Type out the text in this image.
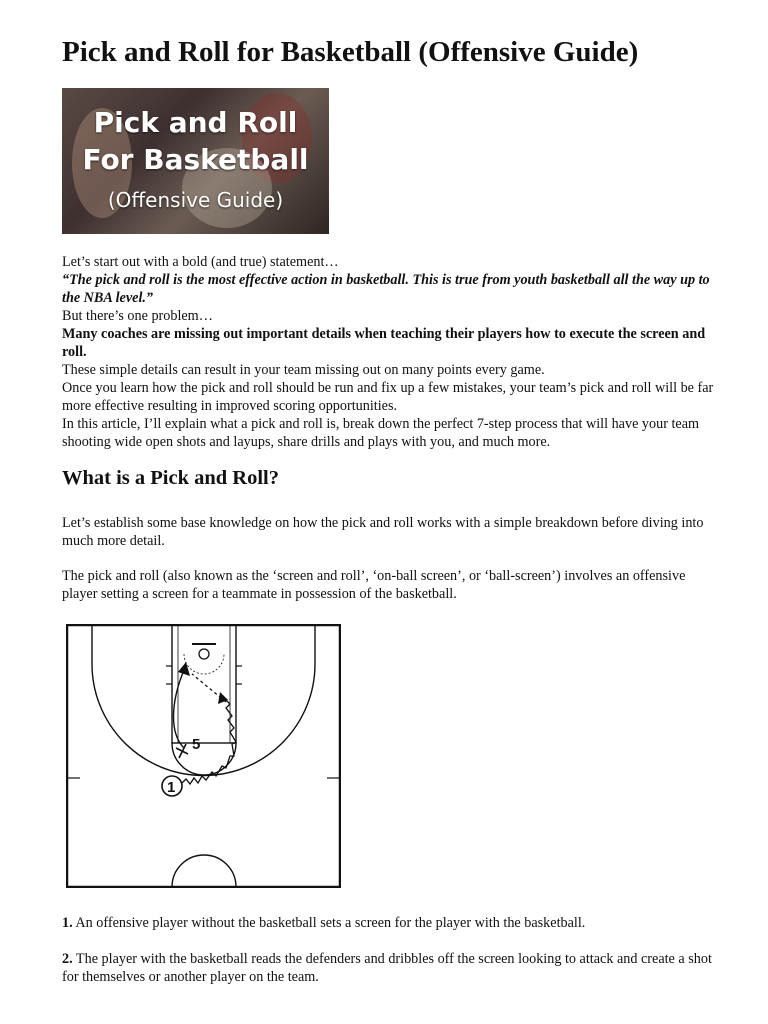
Pick and Roll for Basketball (Offensive Guide)
Pick and Roll
For Basketball
(Offensive Guide)

Let’s start out with a bold (and true) statement…

“The pick and roll is the most effective action in basketball. This is true from youth basketball all the way up to the NBA level.”

But there’s one problem…

Many coaches are missing out important details when teaching their players how to execute the screen and roll.

These simple details can result in your team missing out on many points every game.

Once you learn how the pick and roll should be run and fix up a few mistakes, your team’s pick and roll will be far more effective resulting in improved scoring opportunities.

In this article, I’ll explain what a pick and roll is, break down the perfect 7-step process that will have your team shooting wide open shots and layups, share drills and plays with you, and much more.

What is a Pick and Roll?

Let’s establish some base knowledge on how the pick and roll works with a simple breakdown before diving into much more detail.

The pick and roll (also known as the ‘screen and roll’, ‘on-ball screen’, or ‘ball-screen’) involves an offensive player setting a screen for a teammate in possession of the basketball.

5
1

1. An offensive player without the basketball sets a screen for the player with the basketball.

2. The player with the basketball reads the defenders and dribbles off the screen looking to attack and create a shot for themselves or another player on the team.
